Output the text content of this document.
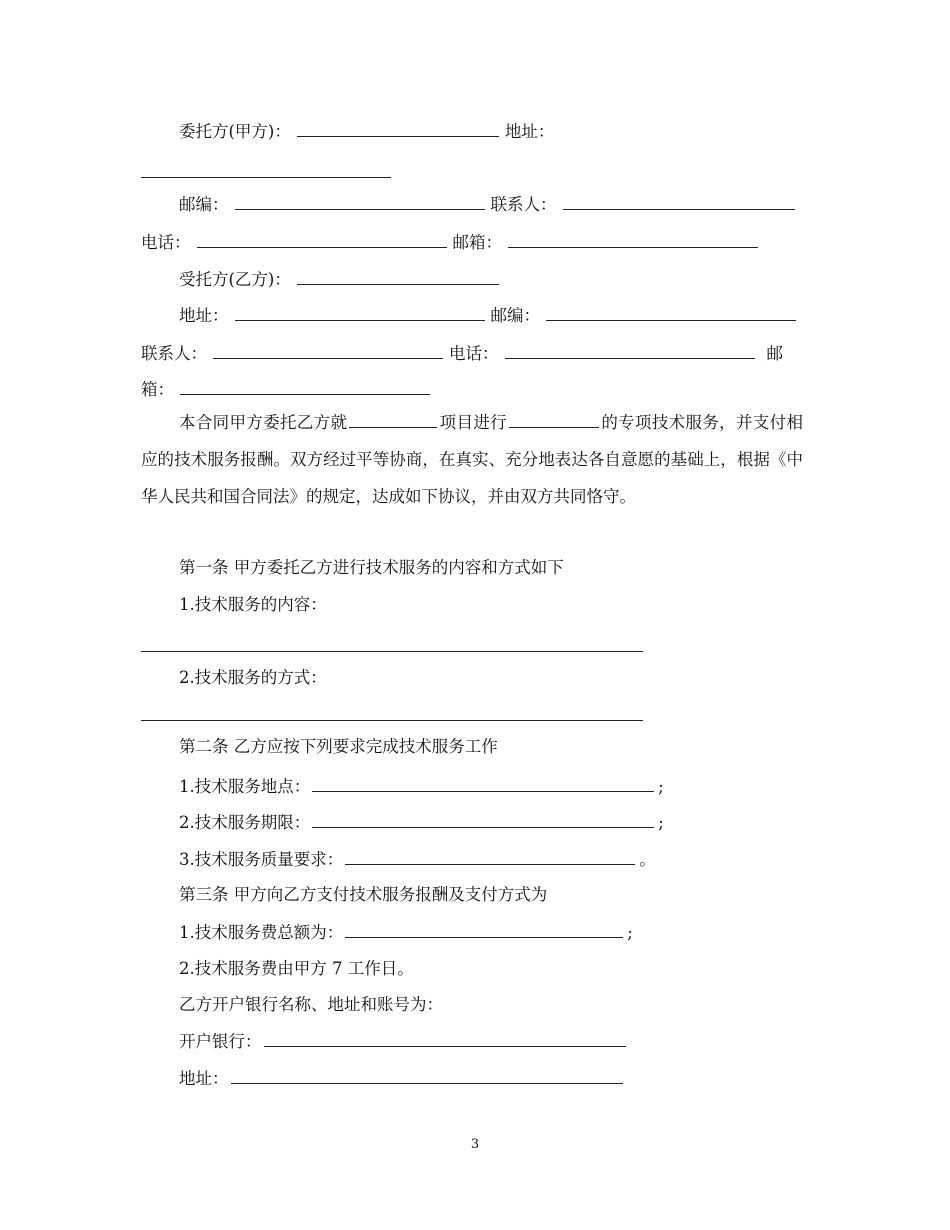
委托方(甲方)：	地址：
邮编：	联系人：
电话：	邮箱：
受托方(乙方)：
地址：	邮编：
联系人：	电话：	邮
箱：
本合同甲方委托乙方就	项目进行	的专项技术服务，并支付相应的技术服务报酬。双方经过平等协商，在真实、充分地表达各自意愿的基础上，根据《中华人民共和国合同法》的规定，达成如下协议，并由双方共同恪守。
第一条 甲方委托乙方进行技术服务的内容和方式如下
1.技术服务的内容：
2.技术服务的方式：
第二条 乙方应按下列要求完成技术服务工作
1.技术服务地点：	;
2.技术服务期限：	;
3.技术服务质量要求：	。
第三条 甲方向乙方支付技术服务报酬及支付方式为
1.技术服务费总额为：	;
2.技术服务费由甲方 7 工作日。
乙方开户银行名称、地址和账号为：
开户银行：
地址：
3
